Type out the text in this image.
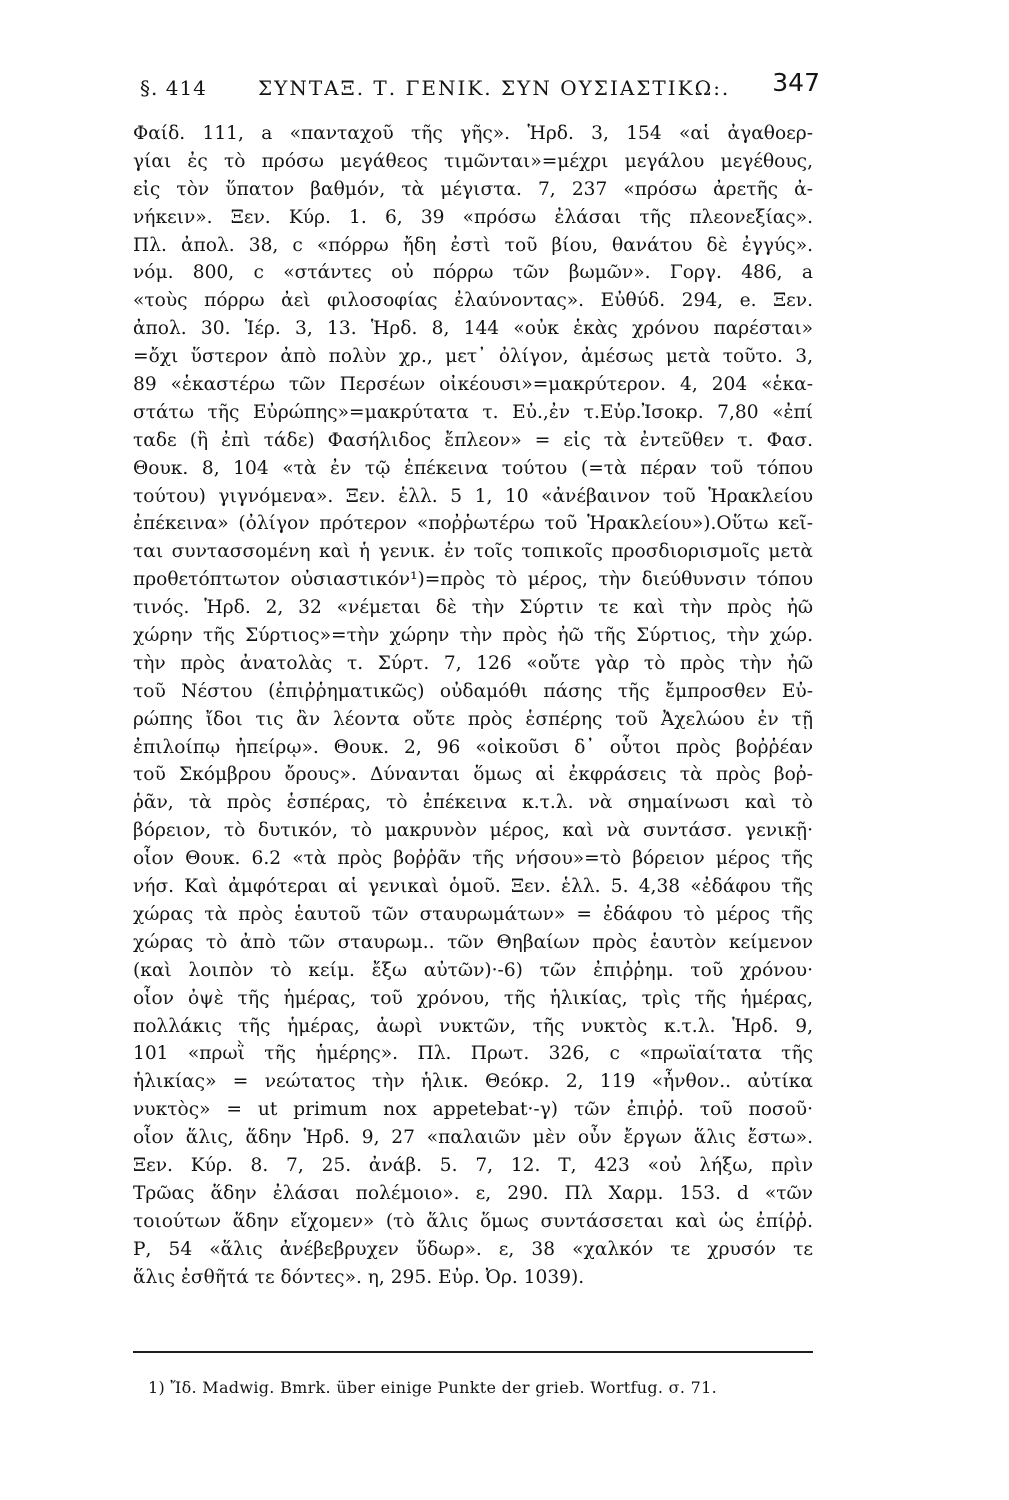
§. 414	ΣΥΝΤΑΞ. Τ. ΓΕΝΙΚ. ΣΥΝ ΟΥΣΙΑΣΤΙΚΩ:. 347
Φαίδ. 111, a «πανταχοῦ τῆς γῆς». Ἡρδ. 3, 154 «αἱ ἀγαθοερ-
γίαι ἐς τὸ πρόσω μεγάθεος τιμῶνται»=μέχρι μεγάλου μεγέθους,
εἰς τὸν ὕπατον βαθμόν, τὰ μέγιστα. 7, 237 «πρόσω ἀρετῆς ἀ-
νήκειν». Ξεν. Κύρ. 1. 6, 39 «πρόσω ἐλάσαι τῆς πλεονεξίας».
Πλ. ἀπολ. 38, c «πόρρω ἤδη ἐστὶ τοῦ βίου, θανάτου δὲ ἐγγύς».
νόμ. 800, c «στάντες οὐ πόρρω τῶν βωμῶν». Γοργ. 486, a
«τοὺς πόρρω ἀεὶ φιλοσοφίας ἐλαύνοντας». Εὐθύδ. 294, e. Ξεν.
ἀπολ. 30. Ἱέρ. 3, 13. Ἡρδ. 8, 144 «οὐκ ἑκὰς χρόνου παρέσται»
=ὄχι ὕστερον ἀπὸ πολὺν χρ., μετ᾽ ὀλίγον, ἀμέσως μετὰ τοῦτο. 3,
89 «ἑκαστέρω τῶν Περσέων οἰκέουσι»=μακρύτερον. 4, 204 «ἑκα-
στάτω τῆς Εὐρώπης»=μακρύτατα τ. Εὐ.,ἐν τ.Εὐρ.Ἰσοκρ. 7,80 «ἐπί
ταδε (ἢ ἐπὶ τάδε) Φασήλιδος ἔπλεον» = εἰς τὰ ἐντεῦθεν τ. Φασ.
Θουκ. 8, 104 «τὰ ἐν τῷ ἐπέκεινα τούτου (=τὰ πέραν τοῦ τόπου
τούτου) γιγνόμενα». Ξεν. ἑλλ. 5 1, 10 «ἀνέβαινον τοῦ Ἡρακλείου
ἐπέκεινα» (ὀλίγον πρότερον «ποῤῥωτέρω τοῦ Ἡρακλείου»).Οὕτω κεῖ-
ται συντασσομένη καὶ ἡ γενικ. ἐν τοῖς τοπικοῖς προσδιορισμοῖς μετὰ
προθετόπτωτον οὐσιαστικόν¹)=πρὸς τὸ μέρος, τὴν διεύθυνσιν τόπου
τινός. Ἡρδ. 2, 32 «νέμεται δὲ τὴν Σύρτιν τε καὶ τὴν πρὸς ἠῶ
χώρην τῆς Σύρτιος»=τὴν χώρην τὴν πρὸς ἠῶ τῆς Σύρτιος, τὴν χώρ.
τὴν πρὸς ἀνατολὰς τ. Σύρτ. 7, 126 «οὔτε γὰρ τὸ πρὸς τὴν ἠῶ
τοῦ Νέστου (ἐπιῤῥηματικῶς) οὐδαμόθι πάσης τῆς ἔμπροσθεν Εὐ-
ρώπης ἴδοι τις ἂν λέοντα οὔτε πρὸς ἑσπέρης τοῦ Ἀχελώου ἐν τῇ
ἐπιλοίπῳ ἠπείρῳ». Θουκ. 2, 96 «οἰκοῦσι δ᾽ οὗτοι πρὸς βοῤῥέαν
τοῦ Σκόμβρου ὄρους». Δύνανται ὅμως αἱ ἐκφράσεις τὰ πρὸς βοῤ-
ῥᾶν, τὰ πρὸς ἑσπέρας, τὸ ἐπέκεινα κ.τ.λ. νὰ σημαίνωσι καὶ τὸ
βόρειον, τὸ δυτικόν, τὸ μακρυνὸν μέρος, καὶ νὰ συντάσσ. γενικῇ·
οἷον Θουκ. 6.2 «τὰ πρὸς βοῤῥᾶν τῆς νήσου»=τὸ βόρειον μέρος τῆς
νήσ. Καὶ ἀμφότεραι αἱ γενικαὶ ὁμοῦ. Ξεν. ἑλλ. 5. 4,38 «ἐδάφου τῆς
χώρας τὰ πρὸς ἑαυτοῦ τῶν σταυρωμάτων» = ἐδάφου τὸ μέρος τῆς
χώρας τὸ ἀπὸ τῶν σταυρωμ.. τῶν Θηβαίων πρὸς ἑαυτὸν κείμενον
(καὶ λοιπὸν τὸ κείμ. ἔξω αὐτῶν)·-6) τῶν ἐπιῤῥημ. τοῦ χρόνου·
οἷον ὀψὲ τῆς ἡμέρας, τοῦ χρόνου, τῆς ἡλικίας, τρὶς τῆς ἡμέρας,
πολλάκις τῆς ἡμέρας, ἀωρὶ νυκτῶν, τῆς νυκτὸς κ.τ.λ. Ἡρδ. 9,
101 «πρωῒ τῆς ἡμέρης». Πλ. Πρωτ. 326, c «πρωϊαίτατα τῆς
ἡλικίας» = νεώτατος τὴν ἡλικ. Θεόκρ. 2, 119 «ἦνθον.. αὐτίκα
νυκτὸς» = ut primum nox appetebat·-γ) τῶν ἐπιῤῥ. τοῦ ποσοῦ·
οἷον ἅλις, ἅδην Ἡρδ. 9, 27 «παλαιῶν μὲν οὖν ἔργων ἅλις ἔστω».
Ξεν. Κύρ. 8. 7, 25. ἀνάβ. 5. 7, 12. Τ, 423 «οὐ λήξω, πρὶν
Τρῶας ἅδην ἐλάσαι πολέμοιο». ε, 290. Πλ Χαρμ. 153. d «τῶν
τοιούτων ἅδην εἴχομεν» (τὸ ἅλις ὅμως συντάσσεται καὶ ὡς ἐπίῤῥ.
Ρ, 54 «ἅλις ἀνέβεβρυχεν ὕδωρ». ε, 38 «χαλκόν τε χρυσόν τε
ἅλις ἐσθῆτά τε δόντες». η, 295. Εὐρ. Ὀρ. 1039).
1) Ἴδ. Madwig. Bmrk. über einige Punkte der grieb. Wortfug. σ. 71.
